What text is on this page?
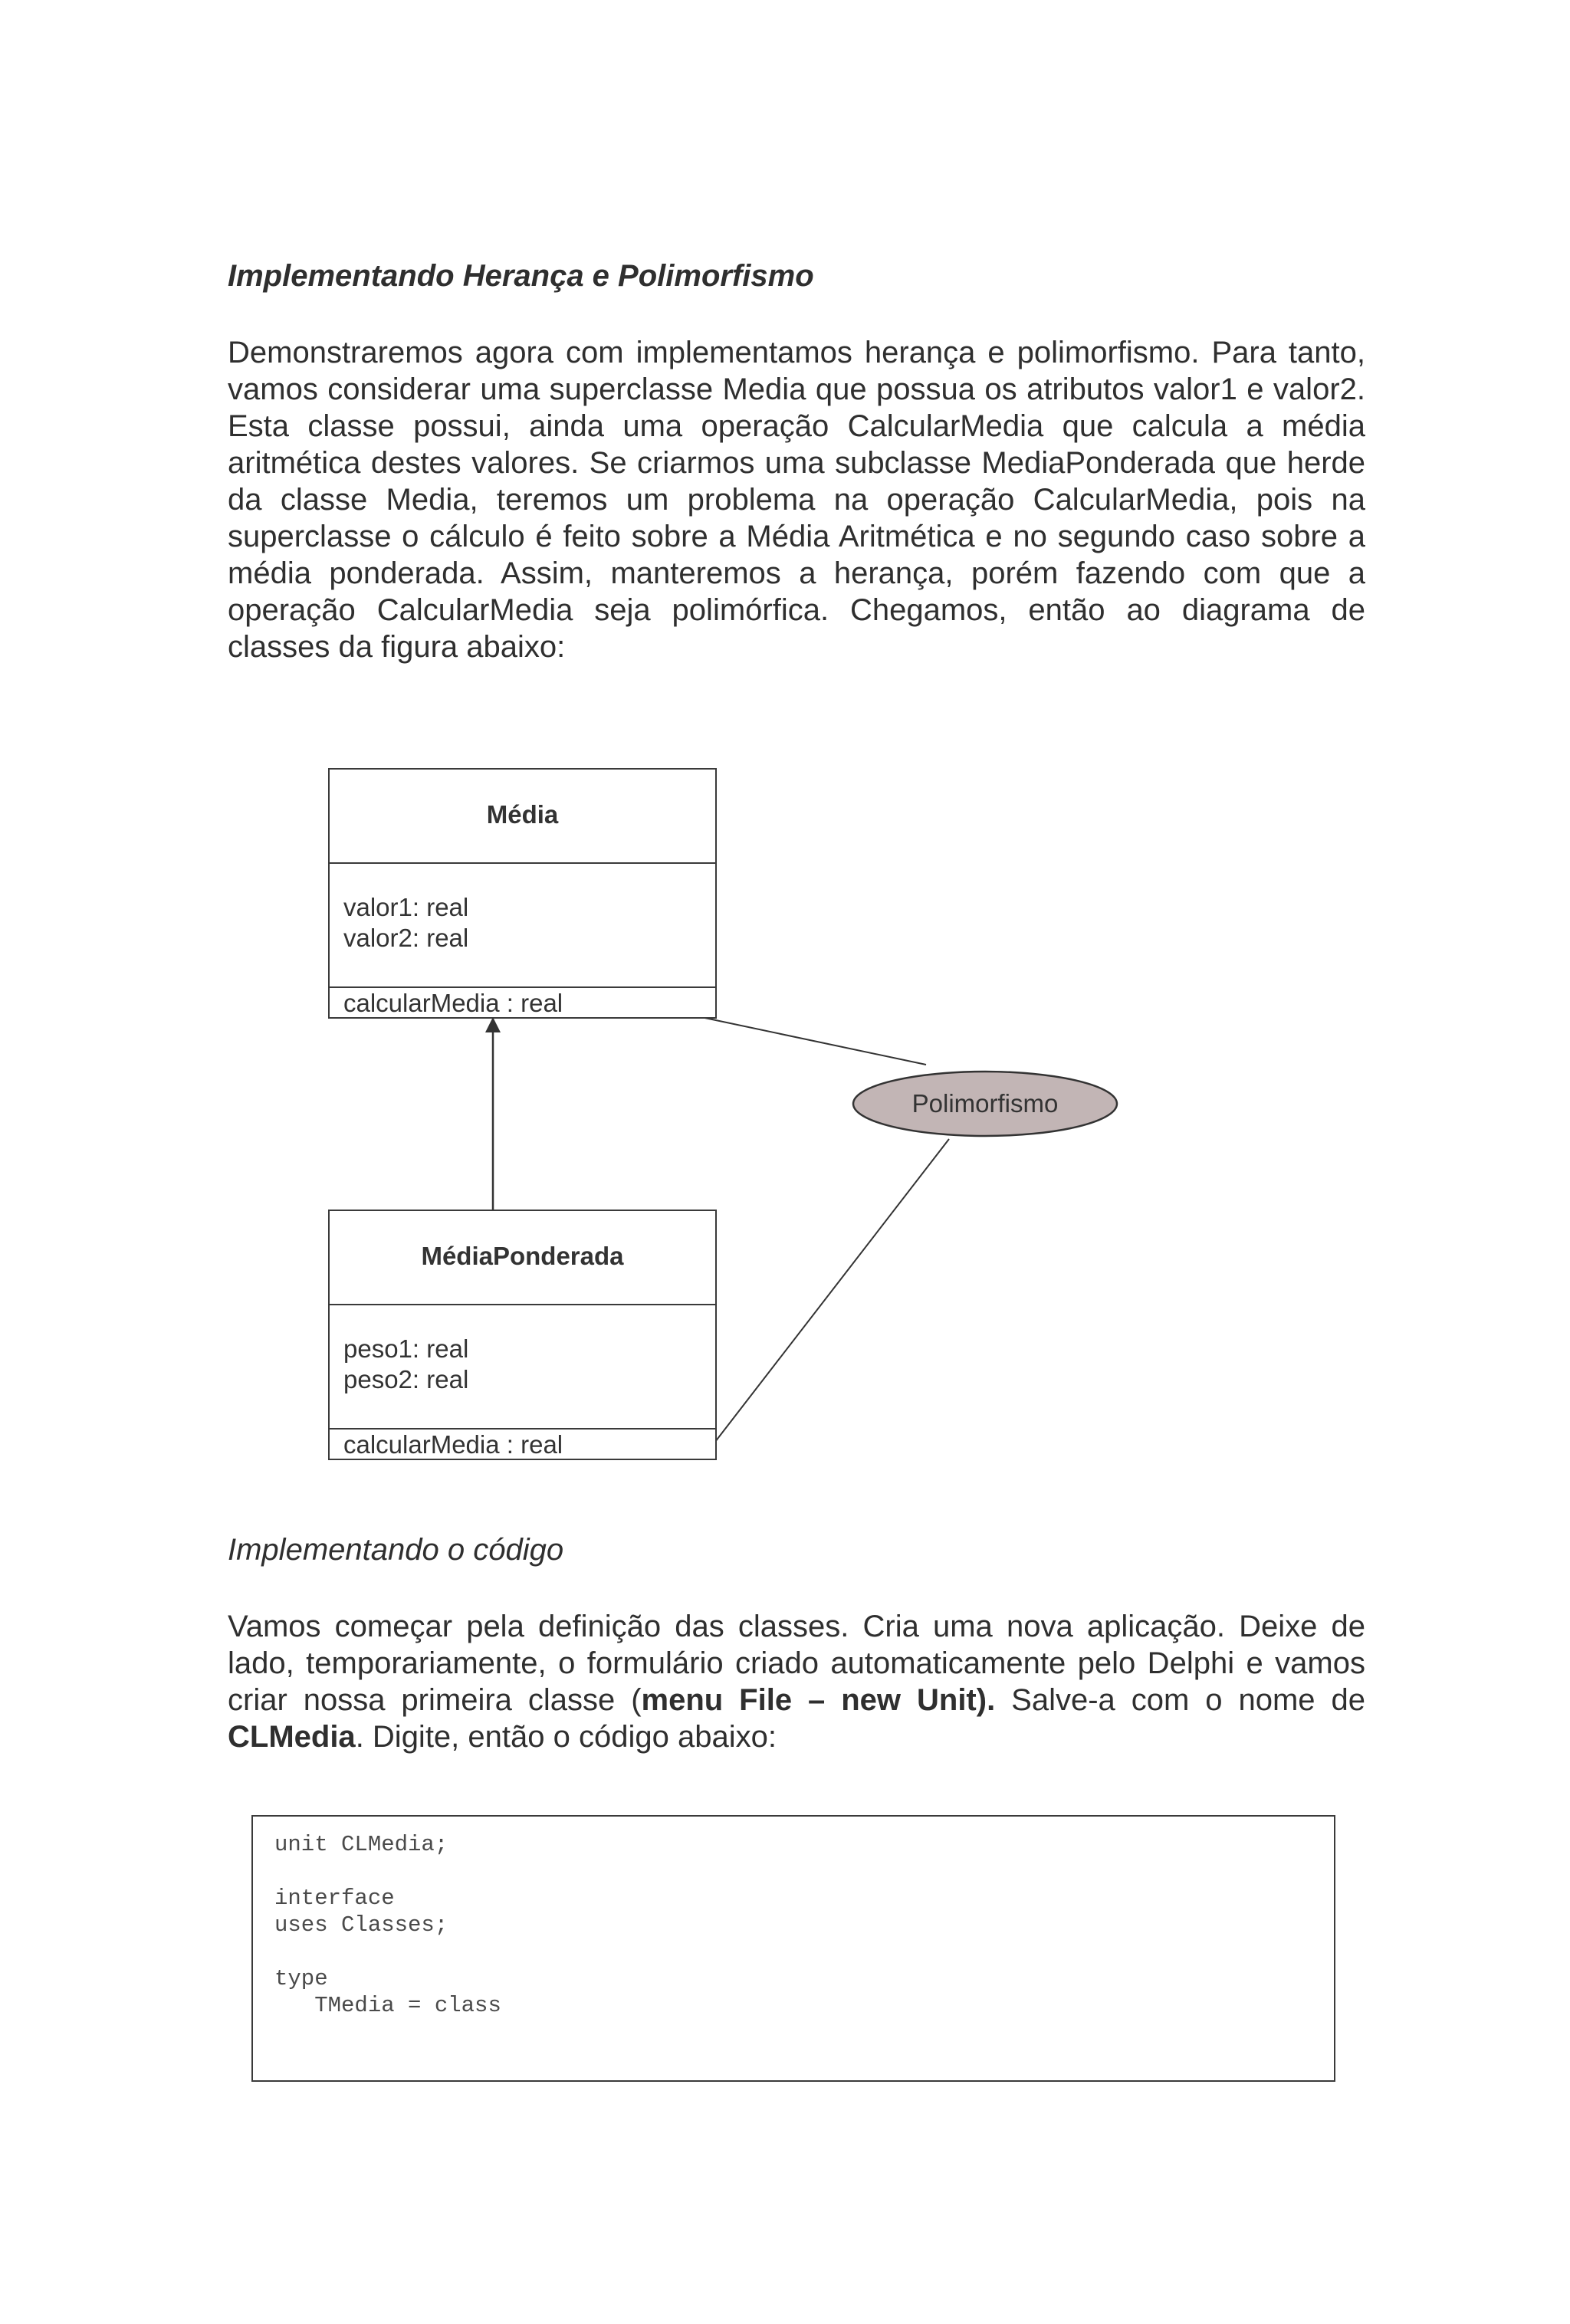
Implementando Herança e Polimorfismo
Demonstraremos agora com implementamos herança e polimorfismo. Para tanto, vamos considerar uma superclasse Media que possua os atributos valor1 e valor2. Esta classe possui, ainda uma operação CalcularMedia que calcula a média aritmética destes valores. Se criarmos uma subclasse MediaPonderada que herde da classe Media, teremos um problema na operação CalcularMedia, pois na superclasse o cálculo é feito sobre a Média Aritmética e no segundo caso sobre a média ponderada. Assim, manteremos a herança, porém fazendo com que a operação CalcularMedia seja polimórfica. Chegamos, então ao diagrama de classes da figura abaixo:
Polimorfismo
Média
valor1: real
valor2: real
calcularMedia : real
MédiaPonderada
peso1: real
peso2: real
calcularMedia : real
Implementando o código
Vamos começar pela definição das classes. Cria uma nova aplicação. Deixe de lado, temporariamente, o formulário criado automaticamente pelo Delphi e vamos criar nossa primeira classe (menu File – new Unit). Salve-a com o nome de CLMedia. Digite, então o código abaixo:
unit CLMedia;
interface
uses Classes;
type
TMedia = class
